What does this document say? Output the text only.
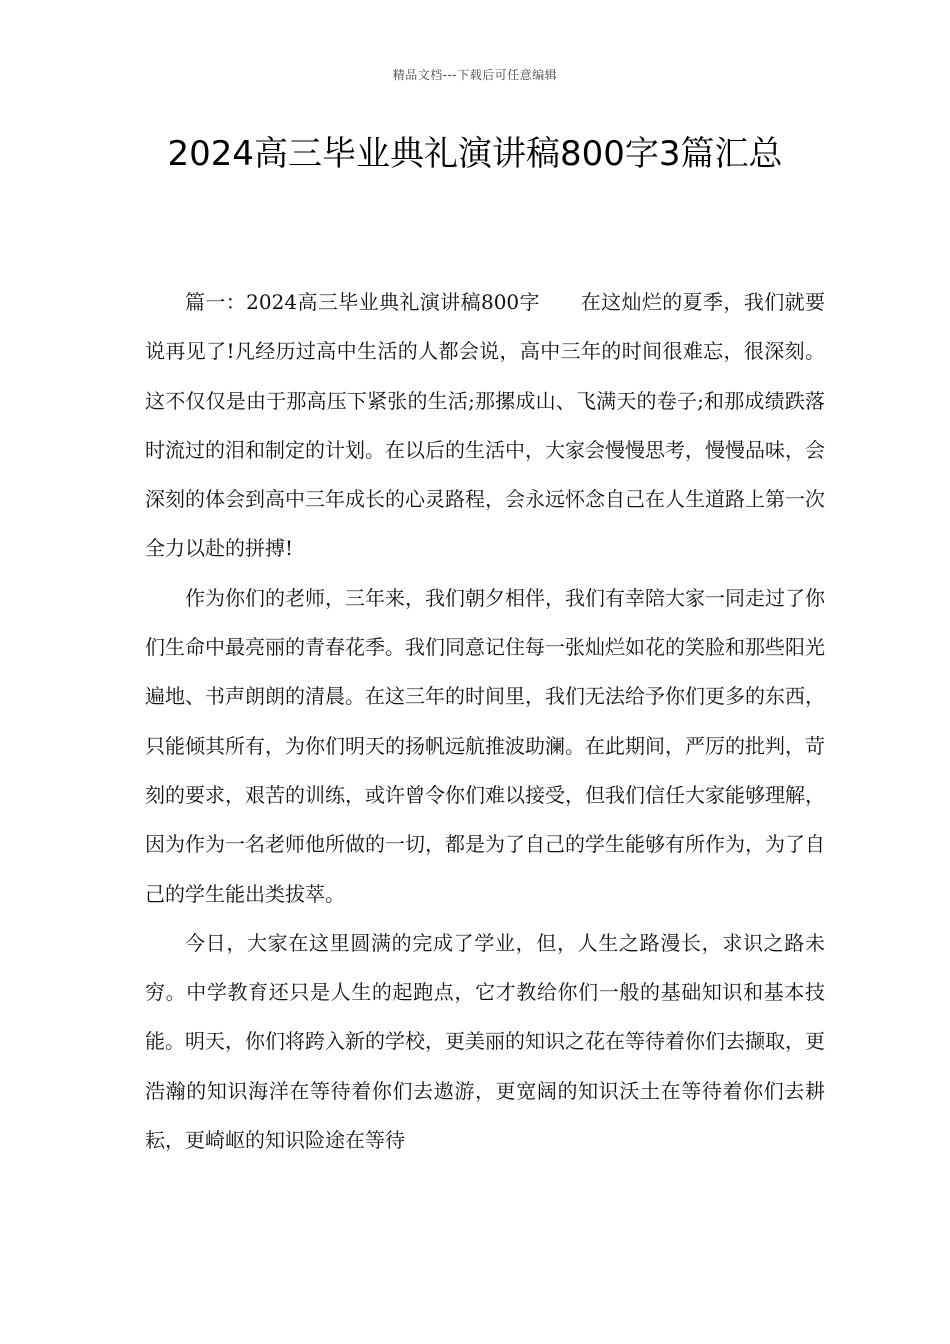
精品文档---下载后可任意编辑
2024高三毕业典礼演讲稿800字3篇汇总

篇一：2024高三毕业典礼演讲稿800字　　在这灿烂的夏季，我们就要说再见了!凡经历过高中生活的人都会说，高中三年的时间很难忘，很深刻。这不仅仅是由于那高压下紧张的生活;那摞成山、飞满天的卷子;和那成绩跌落时流过的泪和制定的计划。在以后的生活中，大家会慢慢思考，慢慢品味，会深刻的体会到高中三年成长的心灵路程，会永远怀念自己在人生道路上第一次全力以赴的拼搏!

作为你们的老师，三年来，我们朝夕相伴，我们有幸陪大家一同走过了你们生命中最亮丽的青春花季。我们同意记住每一张灿烂如花的笑脸和那些阳光遍地、书声朗朗的清晨。在这三年的时间里，我们无法给予你们更多的东西，只能倾其所有，为你们明天的扬帆远航推波助澜。在此期间，严厉的批判，苛刻的要求，艰苦的训练，或许曾令你们难以接受，但我们信任大家能够理解，因为作为一名老师他所做的一切，都是为了自己的学生能够有所作为，为了自己的学生能出类拔萃。

今日，大家在这里圆满的完成了学业，但，人生之路漫长，求识之路未穷。中学教育还只是人生的起跑点，它才教给你们一般的基础知识和基本技能。明天，你们将跨入新的学校，更美丽的知识之花在等待着你们去撷取，更浩瀚的知识海洋在等待着你们去遨游，更宽阔的知识沃土在等待着你们去耕耘，更崎岖的知识险途在等待
